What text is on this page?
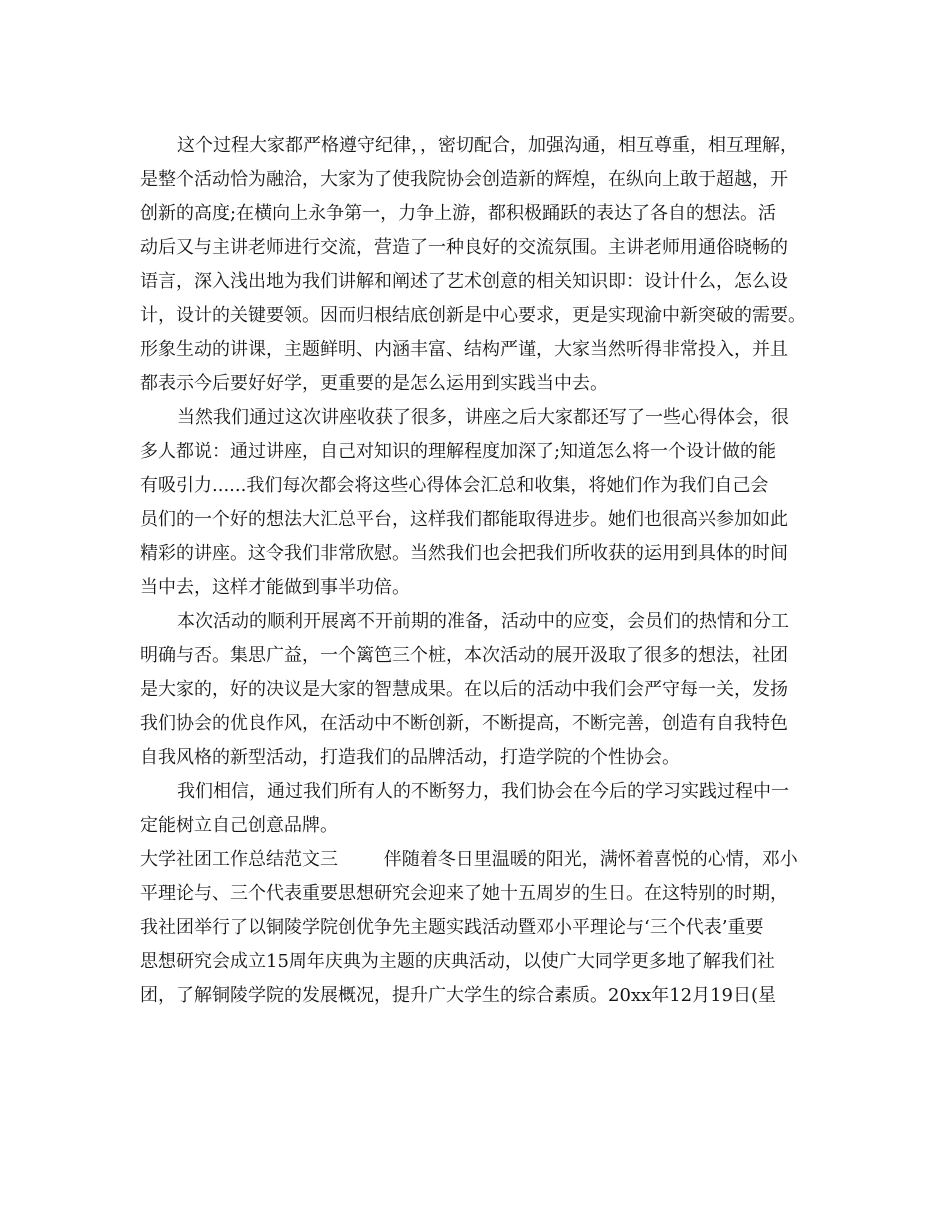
这个过程大家都严格遵守纪律，，密切配合，加强沟通，相互尊重，相互理解，
是整个活动恰为融洽，大家为了使我院协会创造新的辉煌，在纵向上敢于超越，开
创新的高度;在横向上永争第一，力争上游，都积极踊跃的表达了各自的想法。活
动后又与主讲老师进行交流，营造了一种良好的交流氛围。主讲老师用通俗晓畅的
语言，深入浅出地为我们讲解和阐述了艺术创意的相关知识即：设计什么，怎么设
计，设计的关键要领。因而归根结底创新是中心要求，更是实现渝中新突破的需要。
形象生动的讲课，主题鲜明、内涵丰富、结构严谨，大家当然听得非常投入，并且
都表示今后要好好学，更重要的是怎么运用到实践当中去。
当然我们通过这次讲座收获了很多，讲座之后大家都还写了一些心得体会，很
多人都说：通过讲座，自己对知识的理解程度加深了;知道怎么将一个设计做的能
有吸引力......我们每次都会将这些心得体会汇总和收集，将她们作为我们自己会
员们的一个好的想法大汇总平台，这样我们都能取得进步。她们也很高兴参加如此
精彩的讲座。这令我们非常欣慰。当然我们也会把我们所收获的运用到具体的时间
当中去，这样才能做到事半功倍。
本次活动的顺利开展离不开前期的准备，活动中的应变，会员们的热情和分工
明确与否。集思广益，一个篱笆三个桩，本次活动的展开汲取了很多的想法，社团
是大家的，好的决议是大家的智慧成果。在以后的活动中我们会严守每一关，发扬
我们协会的优良作风，在活动中不断创新，不断提高，不断完善，创造有自我特色
自我风格的新型活动，打造我们的品牌活动，打造学院的个性协会。
我们相信，通过我们所有人的不断努力，我们协会在今后的学习实践过程中一
定能树立自己创意品牌。
大学社团工作总结范文三        伴随着冬日里温暖的阳光，满怀着喜悦的心情，邓小
平理论与、三个代表重要思想研究会迎来了她十五周岁的生日。在这特别的时期，
我社团举行了以铜陵学院创优争先主题实践活动暨邓小平理论与‘三个代表’重要
思想研究会成立15周年庆典为主题的庆典活动，以使广大同学更多地了解我们社
团，了解铜陵学院的发展概况，提升广大学生的综合素质。20xx年12月19日(星
